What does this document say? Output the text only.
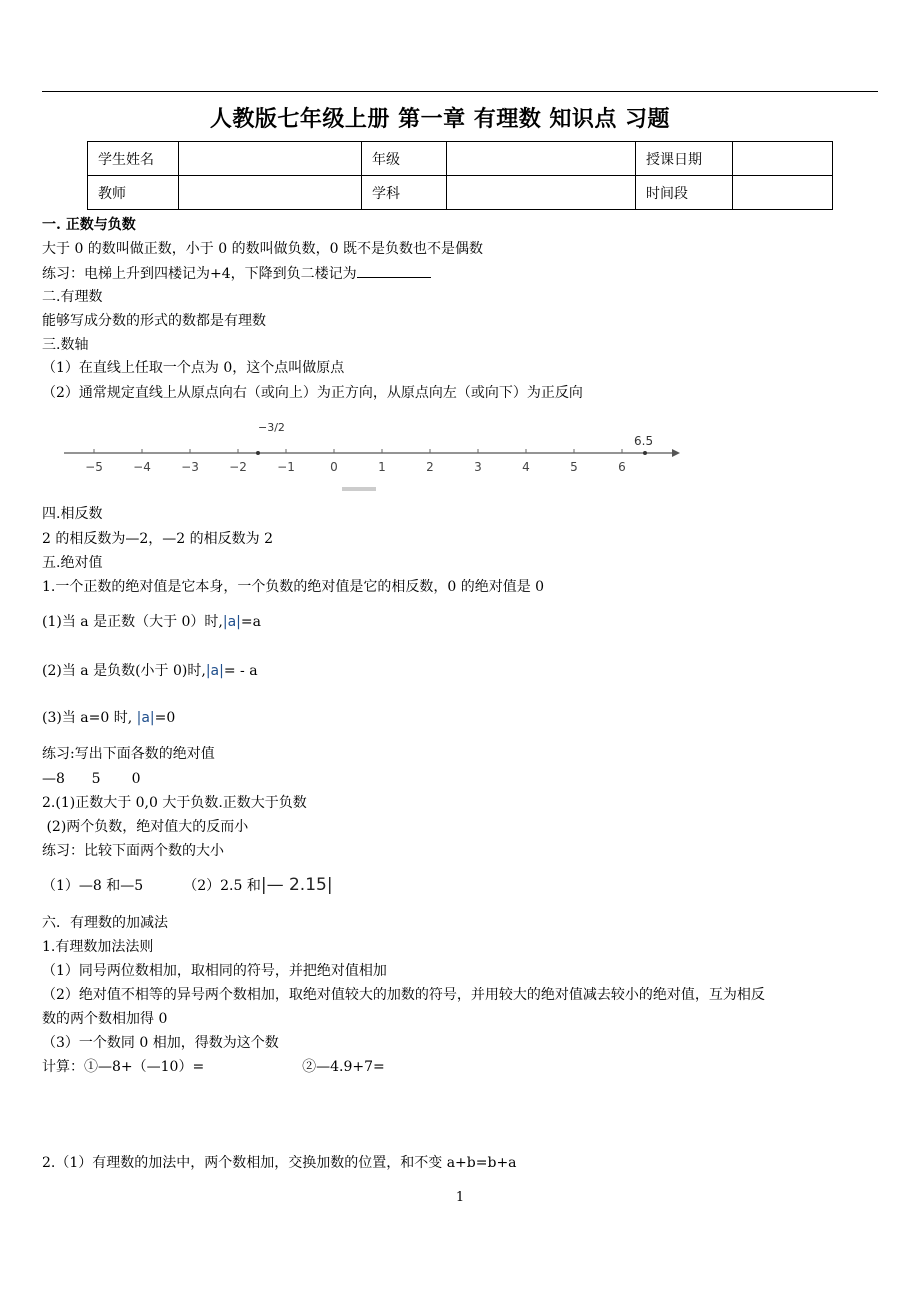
人教版七年级上册 第一章 有理数 知识点 习题
学生姓名		年级		授课日期	
教师		学科		时间段	
一. 正数与负数
大于 0 的数叫做正数，小于 0 的数叫做负数，0 既不是负数也不是偶数
练习：电梯上升到四楼记为+4，下降到负二楼记为
二.有理数
能够写成分数的形式的数都是有理数
三.数轴
（1）在直线上任取一个点为 0，这个点叫做原点
（2）通常规定直线上从原点向右（或向上）为正方向，从原点向左（或向下）为正反向
−5	−4	−3	−2	−1	0	1	2	3	4	5	6
−3/2
6.5
四.相反数
2 的相反数为—2，—2 的相反数为 2
五.绝对值
1.一个正数的绝对值是它本身，一个负数的绝对值是它的相反数，0 的绝对值是 0
(1)当 a 是正数（大于 0）时,|a|=a
(2)当 a 是负数(小于 0)时,|a|= - a
(3)当 a=0 时, |a|=0
练习:写出下面各数的绝对值
—8      5       0
2.(1)正数大于 0,0 大于负数.正数大于负数
(2)两个负数，绝对值大的反而小
练习：比较下面两个数的大小
（1）—8 和—5         （2）2.5 和|— 2.15|
六．有理数的加减法
1.有理数加法法则
（1）同号两位数相加，取相同的符号，并把绝对值相加
（2）绝对值不相等的异号两个数相加，取绝对值较大的加数的符号，并用较大的绝对值减去较小的绝对值，互为相反
数的两个数相加得 0
（3）一个数同 0 相加，得数为这个数
计算：①—8+（—10）=                      ②—4.9+7=
2.（1）有理数的加法中，两个数相加，交换加数的位置，和不变 a+b=b+a
1
